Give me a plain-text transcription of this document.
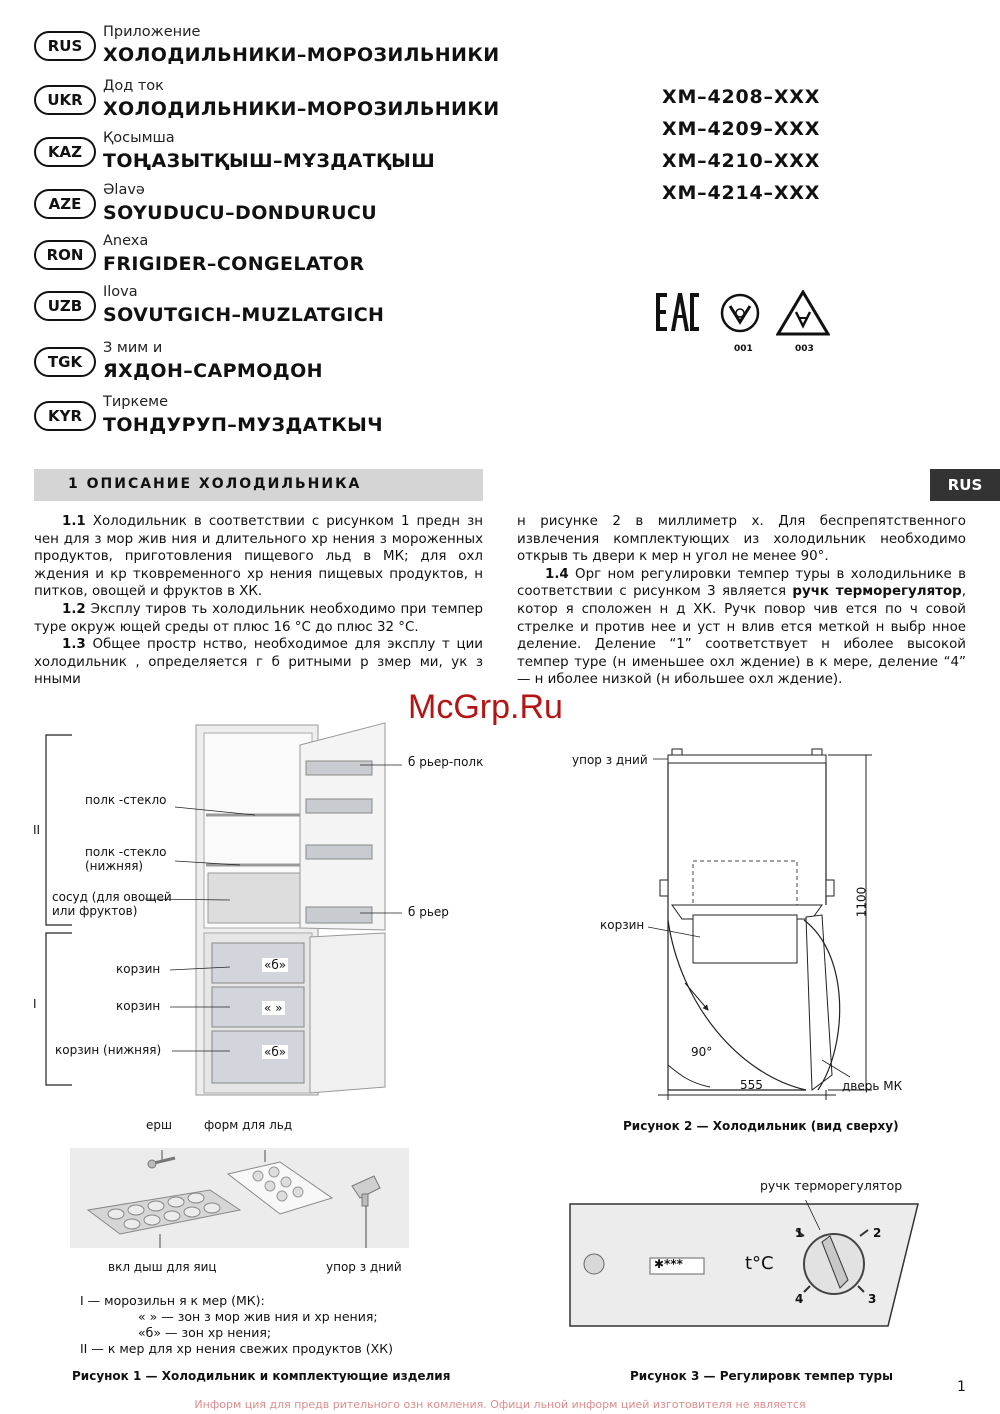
RUS
Приложение
ХОЛОДИЛЬНИКИ–МОРОЗИЛЬНИКИ
UKR
Дод ток
ХОЛОДИЛЬНИКИ–МОРОЗИЛЬНИКИ
KAZ
Қосымша
ТОҢАЗЫТҚЫШ–МҰЗДАТҚЫШ
AZE
Əlavə
SOYUDUCU–DONDURUCU
RON
Anexa
FRIGIDER–CONGELATOR
UZB
Ilova
SOVUTGICH–MUZLATGICH
TGK
З мим и
ЯХДОН–САРМОДОН
KYR
Тиркеме
ТОНДУРУП–МУЗДАТКЫЧ
ХМ–4208–ХХХ
ХМ–4209–ХХХ
ХМ–4210–ХХХ
ХМ–4214–ХХХ
001	003
1 ОПИСАНИЕ ХОЛОДИЛЬНИКА	RUS

1.1 Холодильник в соответствии с рисунком 1 предн зн чен для з мор жив ния и длительного хр нения з мороженных продуктов, приготовления пищевого льд в МК; для охл ждения и кр тковременного хр нения пищевых продуктов, н питков, овощей и фруктов в ХК.

1.2 Эксплу тиров ть холодильник необходимо при темпер туре окруж ющей среды от плюс 16 °С до плюс 32 °С.

1.3 Общее простр нство, необходимое для эксплу т ции холодильник , определяется г б ритными р змер ми, ук з нными

н рисунке 2 в миллиметр х. Для беспрепятственного извлечения комплектующих из холодильник необходимо открыв ть двери к мер н угол не менее 90°.

1.4 Орг ном регулировки темпер туры в холодильнике в соответствии с рисунком 3 является ручк терморегулятор, котор я сположен н д ХК. Ручк повор чив ется по ч совой стрелке и против нее и уст н влив ется меткой н выбр нное деление. Деление “1” соответствует н иболее высокой темпер туре (н именьшее охл ждение) в к мере, деление “4” — н иболее низкой (н ибольшее охл ждение).

McGrp.Ru
б рьер-полк
полк -стекло
полк -стекло
(нижняя)
сосуд (для овощей
или фруктов)	б рьер
корзин
корзин
корзин (нижняя)
«б»
« »
«б»
II
I
ерш	форм для льд
вкл дыш для яиц	упор з дний
I — морозильн я к мер (МК):
« » — зон з мор жив ния и хр нения;
«б» — зон хр нения;
II — к мер для хр нения свежих продуктов (ХК)
Рисунок 1 — Холодильник и комплектующие изделия
упор з дний
корзин
90°
555
1100
дверь МК
Рисунок 2 — Холодильник (вид сверху)
ручк терморегулятор
✱***	t°C
1	2
3
4
Рисунок 3 — Регулировк темпер туры
1
Информ ция для предв рительного озн комления. Офици льной информ цией изготовителя не является
